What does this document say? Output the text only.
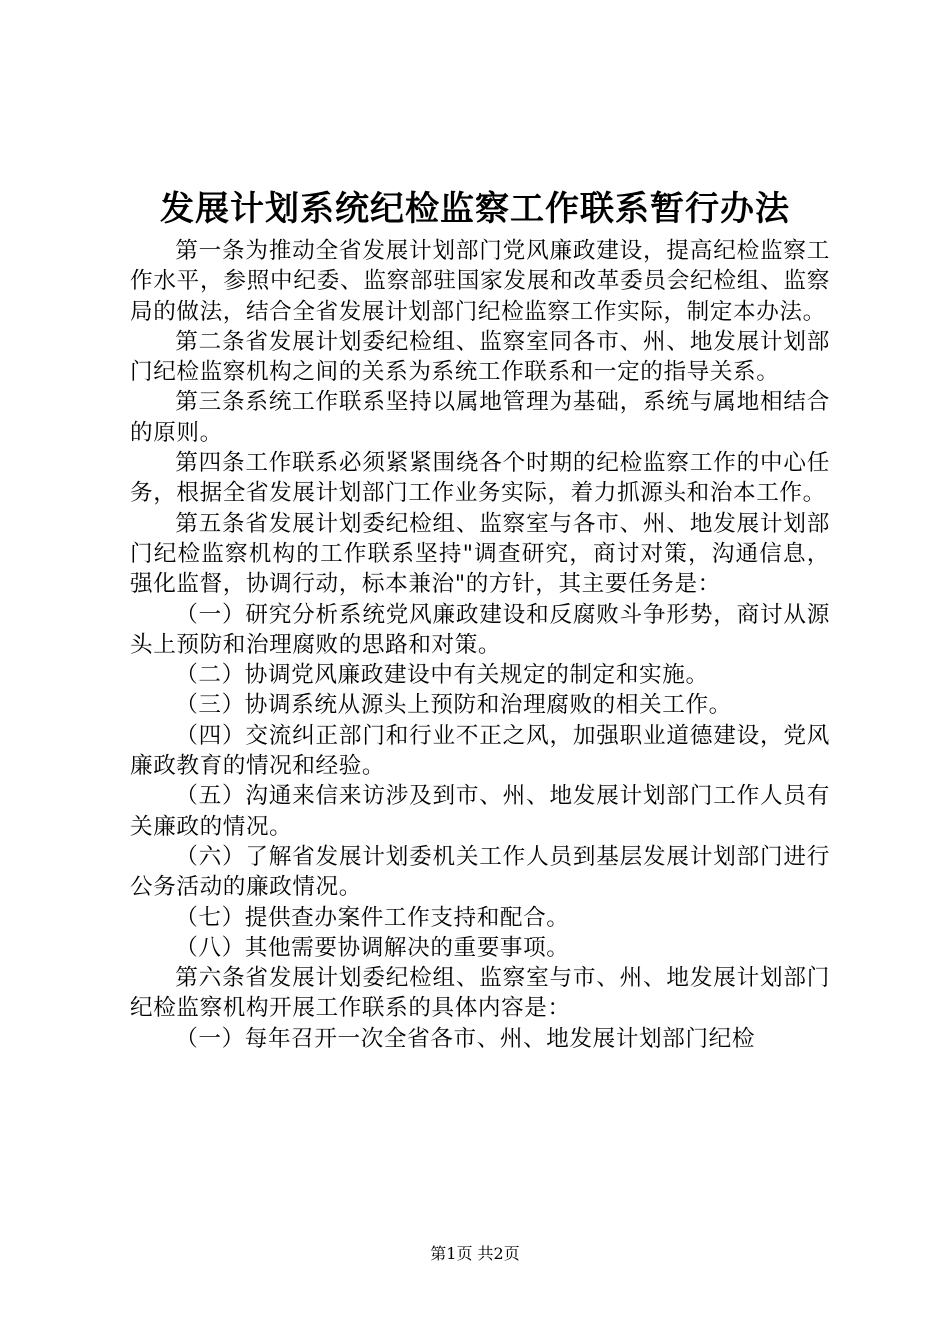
发展计划系统纪检监察工作联系暂行办法

第一条为推动全省发展计划部门党风廉政建设，提高纪检监察工作水平，参照中纪委、监察部驻国家发展和改革委员会纪检组、监察局的做法，结合全省发展计划部门纪检监察工作实际，制定本办法。

第二条省发展计划委纪检组、监察室同各市、州、地发展计划部门纪检监察机构之间的关系为系统工作联系和一定的指导关系。

第三条系统工作联系坚持以属地管理为基础，系统与属地相结合的原则。

第四条工作联系必须紧紧围绕各个时期的纪检监察工作的中心任务，根据全省发展计划部门工作业务实际，着力抓源头和治本工作。

第五条省发展计划委纪检组、监察室与各市、州、地发展计划部门纪检监察机构的工作联系坚持"调查研究，商讨对策，沟通信息，强化监督，协调行动，标本兼治"的方针，其主要任务是：

（一）研究分析系统党风廉政建设和反腐败斗争形势，商讨从源头上预防和治理腐败的思路和对策。

（二）协调党风廉政建设中有关规定的制定和实施。

（三）协调系统从源头上预防和治理腐败的相关工作。

（四）交流纠正部门和行业不正之风，加强职业道德建设，党风廉政教育的情况和经验。

（五）沟通来信来访涉及到市、州、地发展计划部门工作人员有关廉政的情况。

（六）了解省发展计划委机关工作人员到基层发展计划部门进行公务活动的廉政情况。

（七）提供查办案件工作支持和配合。

（八）其他需要协调解决的重要事项。

第六条省发展计划委纪检组、监察室与市、州、地发展计划部门纪检监察机构开展工作联系的具体内容是：

（一）每年召开一次全省各市、州、地发展计划部门纪检

第1页 共2页
